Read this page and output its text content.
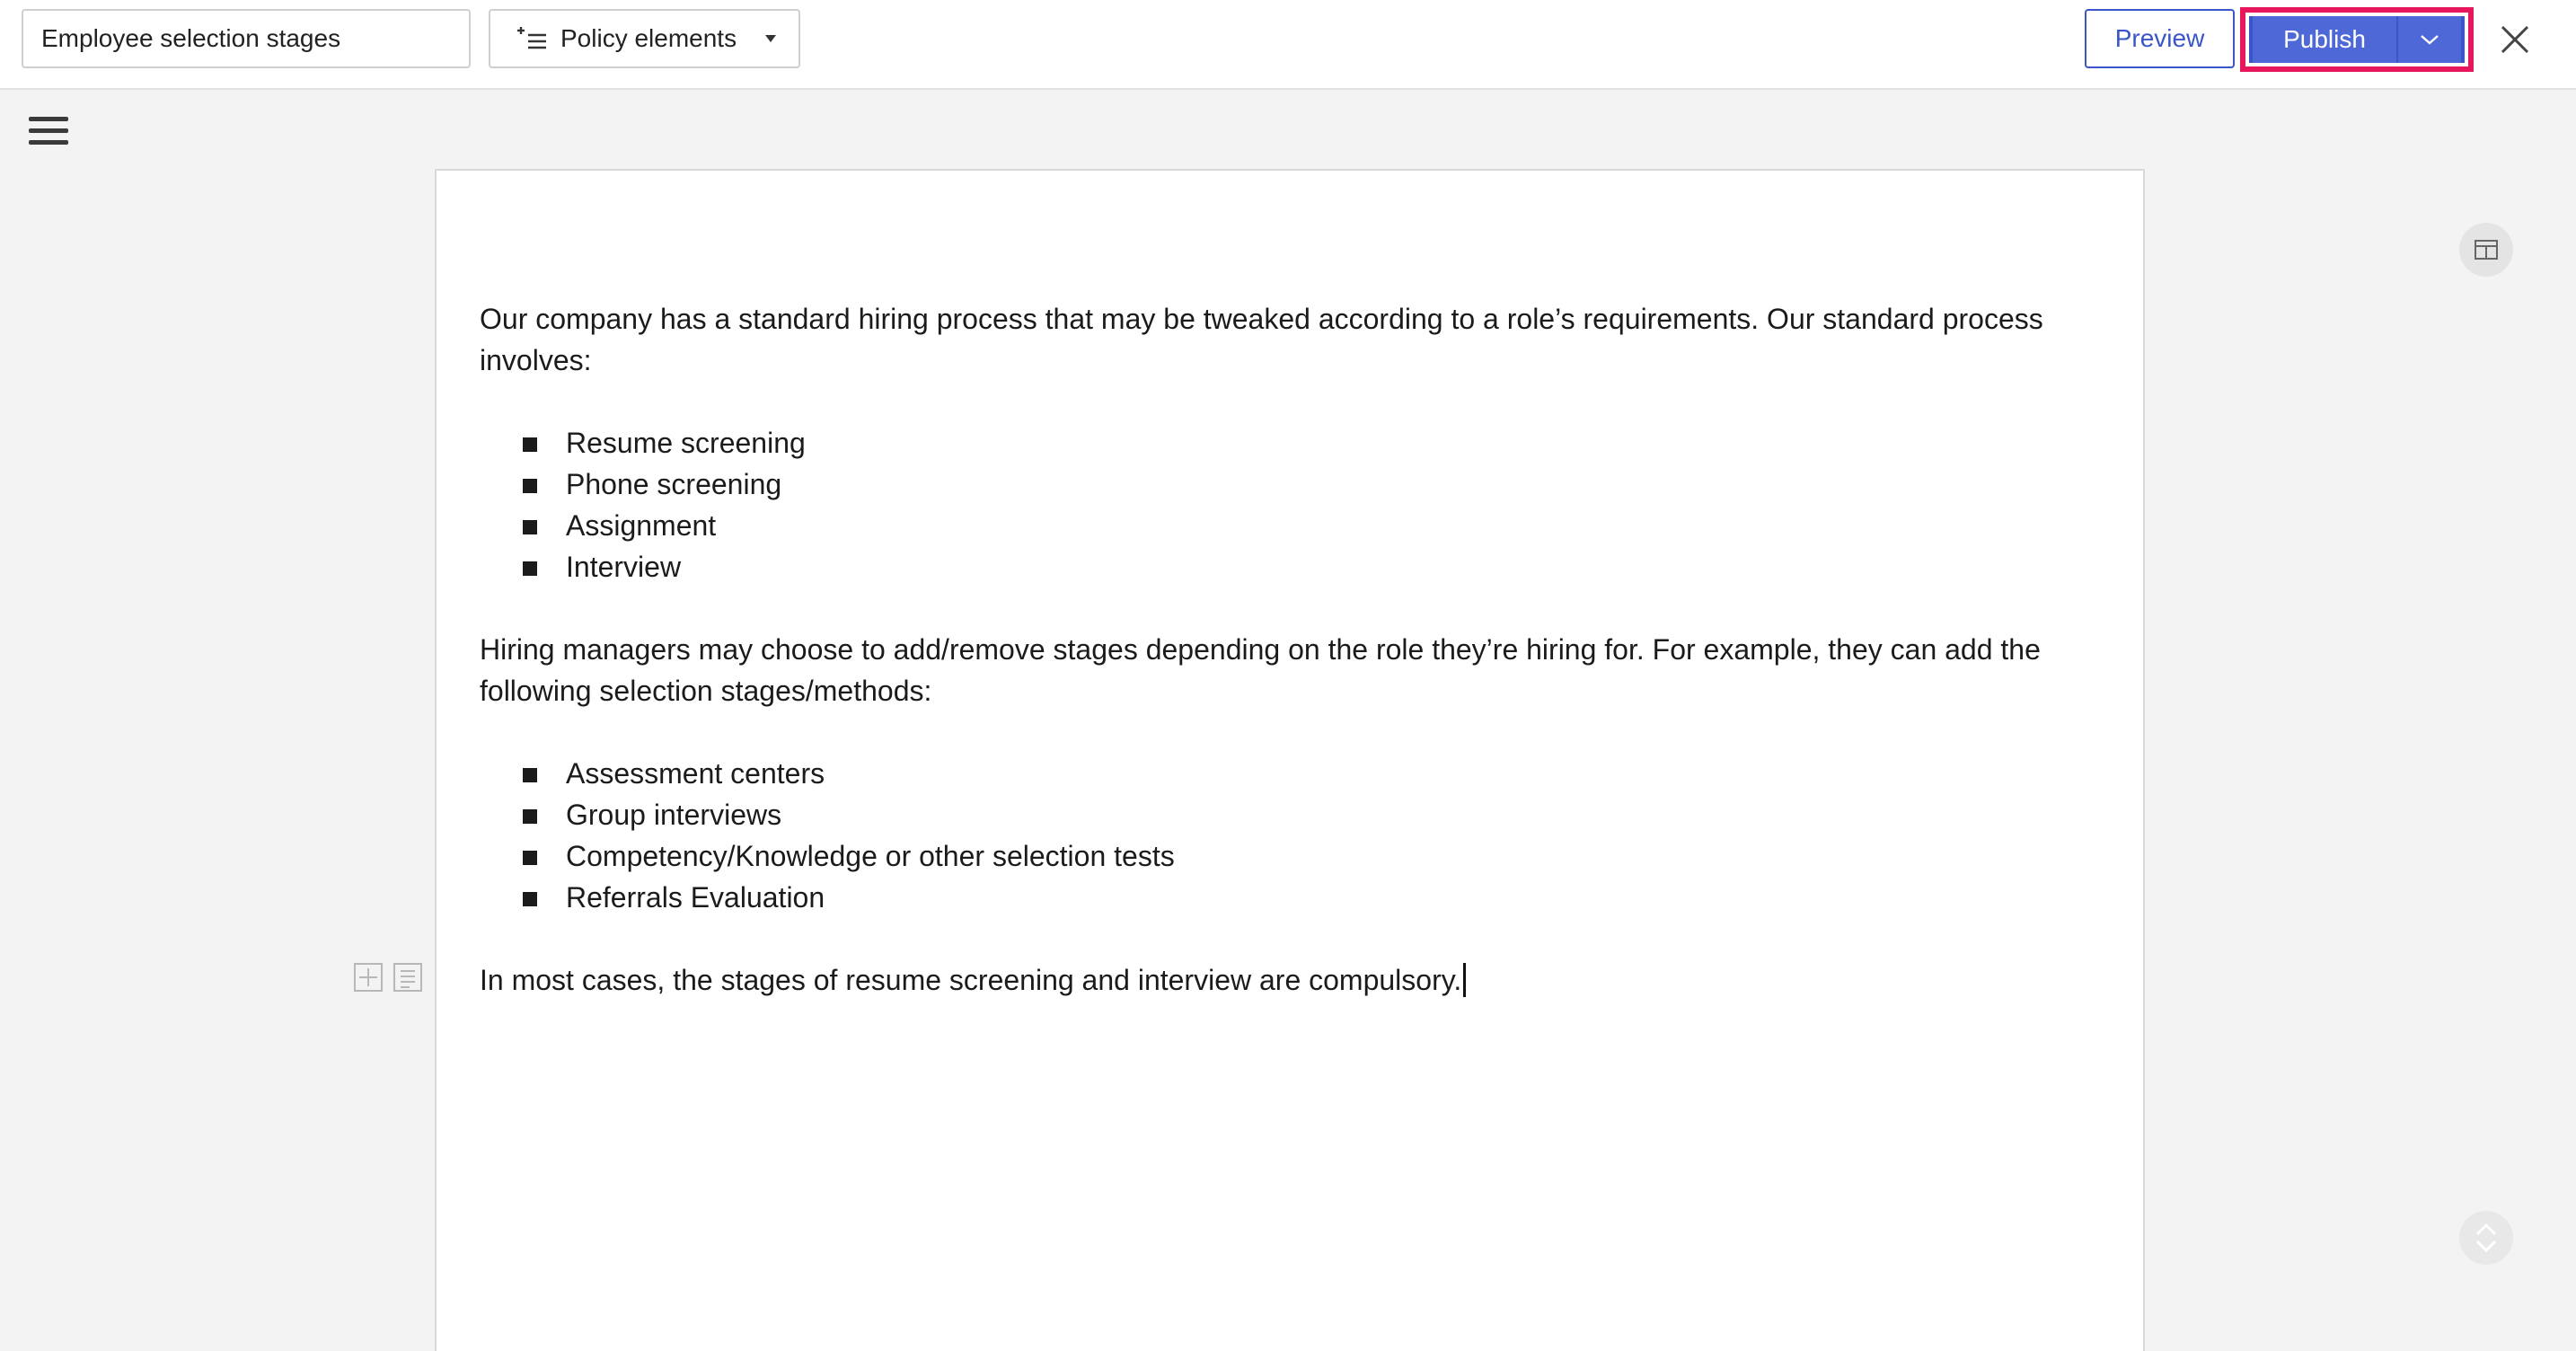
Employee selection stages
Policy elements	Preview	Publish

Our company has a standard hiring process that may be tweaked according to a role’s requirements. Our standard process involves:

Resume screening
Phone screening
Assignment
Interview

Hiring managers may choose to add/remove stages depending on the role they’re hiring for. For example, they can add the following selection stages/methods:

Assessment centers
Group interviews
Competency/Knowledge or other selection tests
Referrals Evaluation

In most cases, the stages of resume screening and interview are compulsory.
